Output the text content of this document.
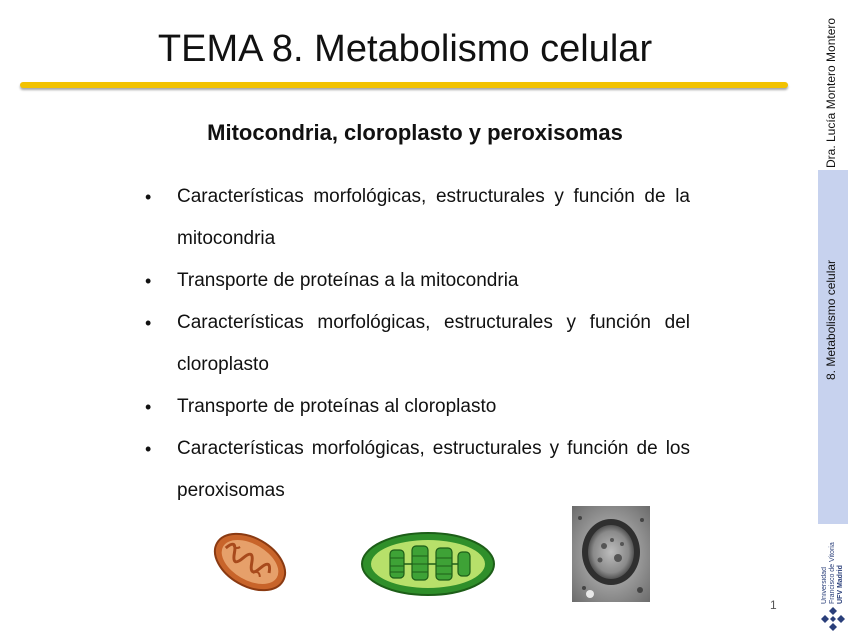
TEMA 8. Metabolismo celular
Mitocondria, cloroplasto y peroxisomas
• Características morfológicas, estructurales y función de la mitocondria
• Transporte de proteínas a la mitocondria
• Características morfológicas, estructurales y función del cloroplasto
• Transporte de proteínas al cloroplasto
• Características morfológicas, estructurales y función de los peroxisomas
1
Dra. Lucía Montero Montero
8. Metabolismo celular
Universidad Francisco de Vitoria UFV Madrid
